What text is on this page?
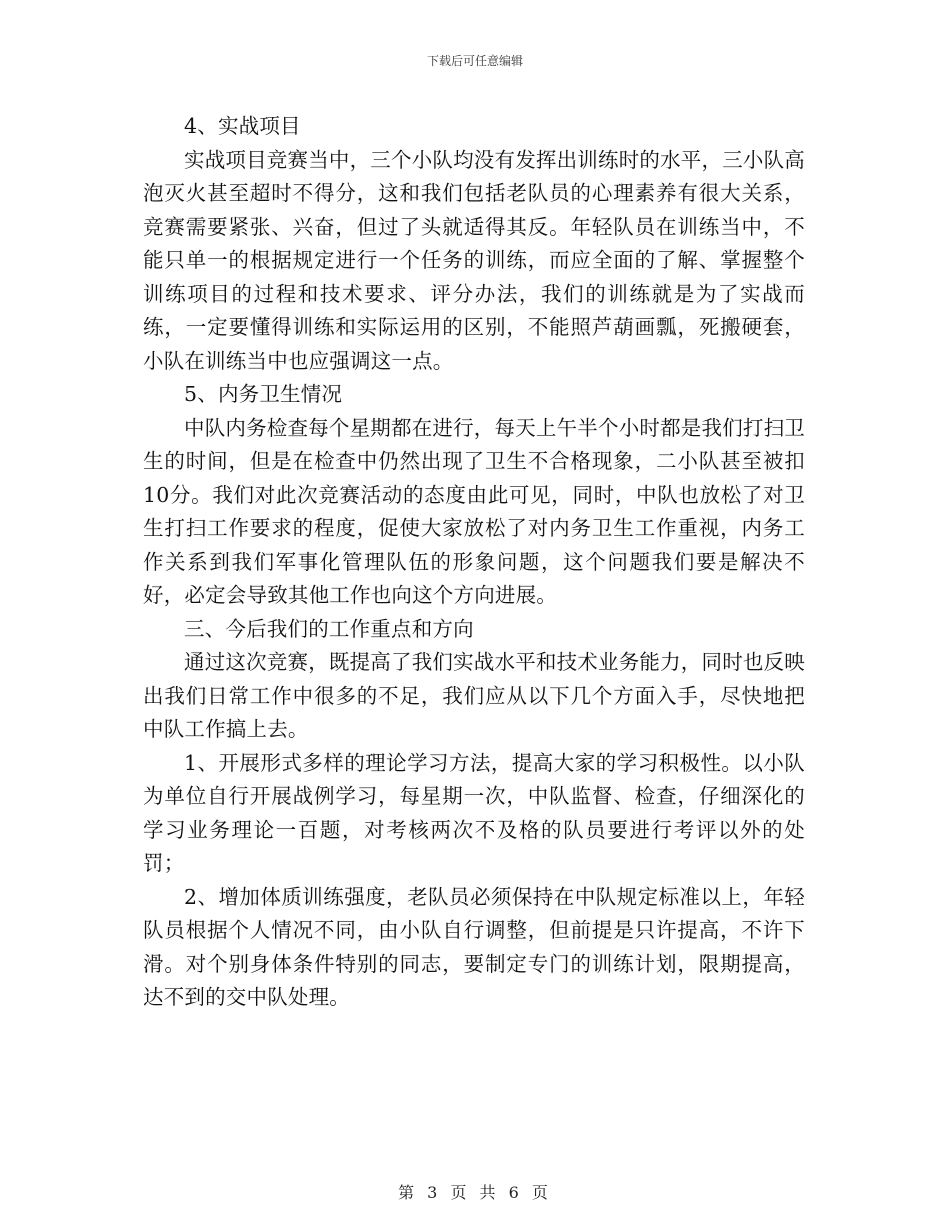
下载后可任意编辑

4、实战项目

实战项目竞赛当中，三个小队均没有发挥出训练时的水平，三小队高泡灭火甚至超时不得分，这和我们包括老队员的心理素养有很大关系，竞赛需要紧张、兴奋，但过了头就适得其反。年轻队员在训练当中，不能只单一的根据规定进行一个任务的训练，而应全面的了解、掌握整个训练项目的过程和技术要求、评分办法，我们的训练就是为了实战而练，一定要懂得训练和实际运用的区别，不能照芦葫画瓢，死搬硬套，小队在训练当中也应强调这一点。

5、内务卫生情况

中队内务检查每个星期都在进行，每天上午半个小时都是我们打扫卫生的时间，但是在检查中仍然出现了卫生不合格现象，二小队甚至被扣10分。我们对此次竞赛活动的态度由此可见，同时，中队也放松了对卫生打扫工作要求的程度，促使大家放松了对内务卫生工作重视，内务工作关系到我们军事化管理队伍的形象问题，这个问题我们要是解决不好，必定会导致其他工作也向这个方向进展。

三、今后我们的工作重点和方向

通过这次竞赛，既提高了我们实战水平和技术业务能力，同时也反映出我们日常工作中很多的不足，我们应从以下几个方面入手，尽快地把中队工作搞上去。

1、开展形式多样的理论学习方法，提高大家的学习积极性。以小队为单位自行开展战例学习，每星期一次，中队监督、检查，仔细深化的学习业务理论一百题，对考核两次不及格的队员要进行考评以外的处罚；

2、增加体质训练强度，老队员必须保持在中队规定标准以上，年轻队员根据个人情况不同，由小队自行调整，但前提是只许提高，不许下滑。对个别身体条件特别的同志，要制定专门的训练计划，限期提高，达不到的交中队处理。

第 3 页 共 6 页
